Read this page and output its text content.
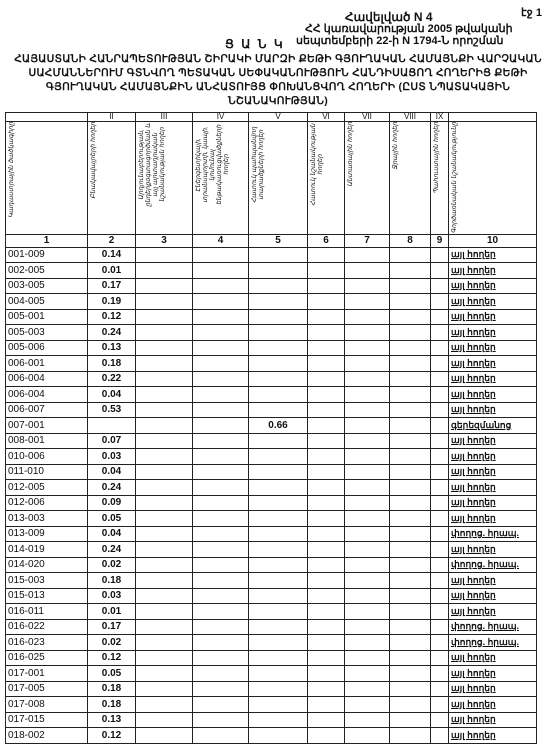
էջ 1
Հավելված N 4
ՀՀ կառավարության 2005 թվականի
սեպտեմբերի 22-ի N 1794-Ն որոշման
Ց Ա Ն Կ
ՀԱՅԱՍՏԱՆԻ ՀԱՆՐԱՊԵՏՈՒԹՅԱՆ ՇԻՐԱԿԻ ՄԱՐԶԻ ՔԵԹԻ ԳՅՈՒՂԱԿԱՆ ՀԱՄԱՅՆՔԻ ՎԱՐՉԱԿԱՆ
ՍԱՀՄԱՆՆԵՐՈՒՄ ԳՏՆՎՈՂ ՊԵՏԱԿԱՆ ՍԵՓԱԿԱՆՈՒԹՅՈՒՆ ՀԱՆԴԻՍԱՑՈՂ ՀՈՂԵՐԻՑ ՔԵԹԻ
ԳՅՈՒՂԱԿԱՆ ՀԱՄԱՅՆՔԻՆ ԱՆՀԱՏՈՒՅՑ ՓՈԽԱՆՑՎՈՂ ՀՈՂԵՐԻ (ԸՍՏ ՆՊԱՏԱԿԱՅԻՆ
ՆՇԱՆԱԿՈՒԹՅԱՆ)
	II	III	IV	V	VI	VII	VIII	IX	

Կադաստրային ծածկագիրը	Բնակավայրերի հողեր	Արդյունաբերության, ընդերքօգտագործման և այլ արտադրական նշանակության հողեր	Էներգետիկայի, տրանսպորտի, կապի, կոմունալ ենթակառուցվածքների հողեր	Հատուկ պահպանվող տարածքների հողեր	Հատուկ նշանակության հողեր	Անտառային հողեր	Ջրային հողեր	Պահուստային հողեր	Գործառնական նշանակությունը

1	2	3	4	5	6	7	8	9	10
001-009	0.14								այլ հողեր
002-005	0.01								այլ հողեր
003-005	0.17								այլ հողեր
004-005	0.19								այլ հողեր
005-001	0.12								այլ հողեր
005-003	0.24								այլ հողեր
005-006	0.13								այլ հողեր
006-001	0.18								այլ հողեր
006-004	0.22								այլ հողեր
006-004	0.04								այլ հողեր
006-007	0.53								այլ հողեր
007-001				0.66					գերեզմանոց
008-001	0.07								այլ հողեր
010-006	0.03								այլ հողեր
011-010	0.04								այլ հողեր
012-005	0.24								այլ հողեր
012-006	0.09								այլ հողեր
013-003	0.05								այլ հողեր
013-009	0.04								փողոց. հրապ.
014-019	0.24								այլ հողեր
014-020	0.02								փողոց. հրապ.
015-003	0.18								այլ հողեր
015-013	0.03								այլ հողեր
016-011	0.01								այլ հողեր
016-022	0.17								փողոց. հրապ.
016-023	0.02								փողոց. հրապ.
016-025	0.12								այլ հողեր
017-001	0.05								այլ հողեր
017-005	0.18								այլ հողեր
017-008	0.18								այլ հողեր
017-015	0.13								այլ հողեր
018-002	0.12								այլ հողեր
